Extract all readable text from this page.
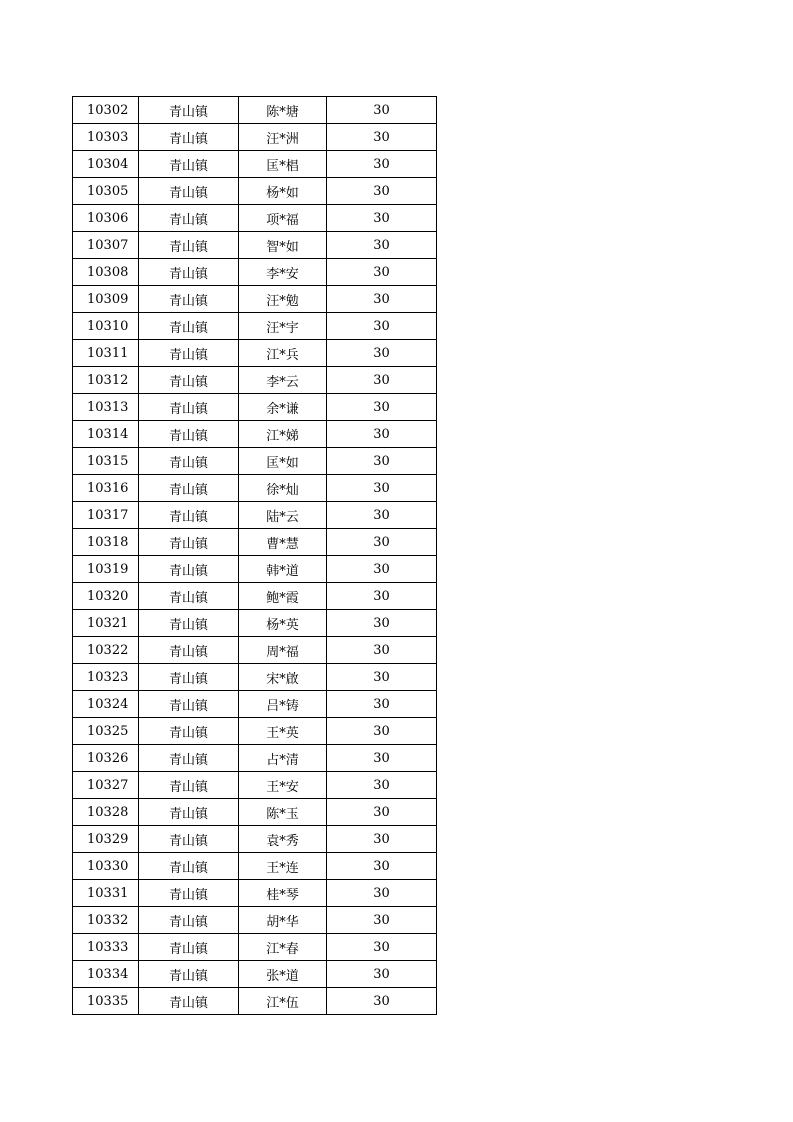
10302	青山镇	陈*塘	30
10303	青山镇	汪*洲	30
10304	青山镇	匡*椙	30
10305	青山镇	杨*如	30
10306	青山镇	项*福	30
10307	青山镇	智*如	30
10308	青山镇	李*安	30
10309	青山镇	汪*勉	30
10310	青山镇	汪*宇	30
10311	青山镇	江*兵	30
10312	青山镇	李*云	30
10313	青山镇	余*谦	30
10314	青山镇	江*娣	30
10315	青山镇	匡*如	30
10316	青山镇	徐*灿	30
10317	青山镇	陆*云	30
10318	青山镇	曹*慧	30
10319	青山镇	韩*道	30
10320	青山镇	鲍*霞	30
10321	青山镇	杨*英	30
10322	青山镇	周*福	30
10323	青山镇	宋*啟	30
10324	青山镇	吕*铸	30
10325	青山镇	王*英	30
10326	青山镇	占*清	30
10327	青山镇	王*安	30
10328	青山镇	陈*玉	30
10329	青山镇	袁*秀	30
10330	青山镇	王*连	30
10331	青山镇	桂*琴	30
10332	青山镇	胡*华	30
10333	青山镇	江*春	30
10334	青山镇	张*道	30
10335	青山镇	江*伍	30
